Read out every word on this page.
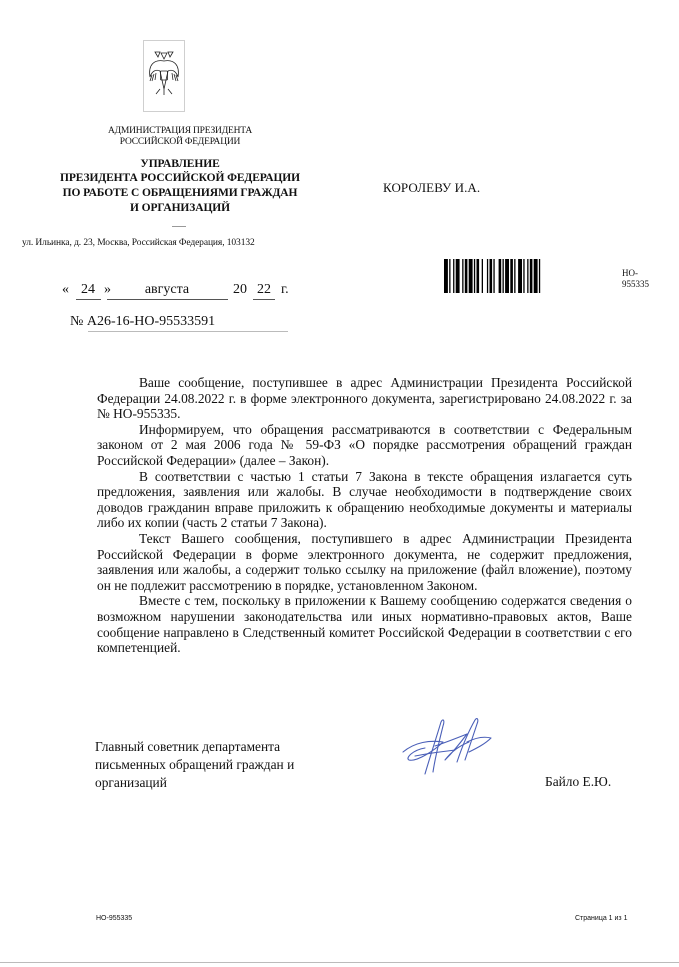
АДМИНИСТРАЦИЯ ПРЕЗИДЕНТА
РОССИЙСКОЙ ФЕДЕРАЦИИ
УПРАВЛЕНИЕ
ПРЕЗИДЕНТА РОССИЙСКОЙ ФЕДЕРАЦИИ
ПО РАБОТЕ С ОБРАЩЕНИЯМИ ГРАЖДАН
И ОРГАНИЗАЦИЙ
ул. Ильинка, д. 23, Москва, Российская Федерация, 103132
КОРОЛЕВУ И.А.
НО-
955335
« 24 »	августа	20 22 г.
№ А26-16-НО-95533591

Ваше сообщение, поступившее в адрес Администрации Президента Российской Федерации 24.08.2022 г. в форме электронного документа, зарегистрировано 24.08.2022 г. за № НО-955335.

Информируем, что обращения рассматриваются в соответствии с Федеральным законом от 2 мая 2006 года № 59-ФЗ «О порядке рассмотрения обращений граждан Российской Федерации» (далее – Закон).

В соответствии с частью 1 статьи 7 Закона в тексте обращения излагается суть предложения, заявления или жалобы. В случае необходимости в подтверждение своих доводов гражданин вправе приложить к обращению необходимые документы и материалы либо их копии (часть 2 статьи 7 Закона).

Текст Вашего сообщения, поступившего в адрес Администрации Президента Российской Федерации в форме электронного документа, не содержит предложения, заявления или жалобы, а содержит только ссылку на приложение (файл вложение), поэтому он не подлежит рассмотрению в порядке, установленном Законом.

Вместе с тем, поскольку в приложении к Вашему сообщению содержатся сведения о возможном нарушении законодательства или иных нормативно-правовых актов, Ваше сообщение направлено в Следственный комитет Российской Федерации в соответствии с его компетенцией.

Главный советник департамента
письменных обращений граждан и
организаций	Байло Е.Ю.
НО-955335	Страница 1 из 1
